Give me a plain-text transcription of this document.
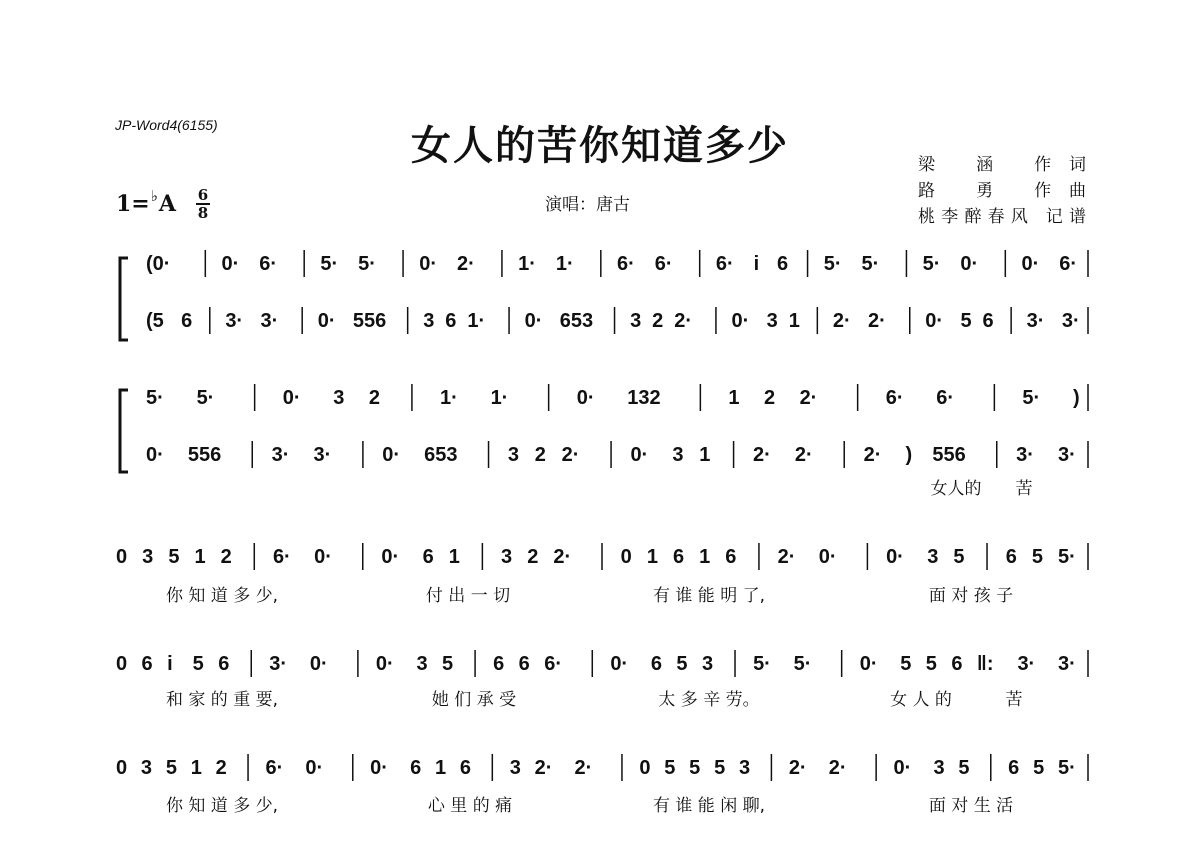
JP-Word4(6155)	女人的苦你知道多少
演唱：唐古
梁 涵 作词
路 勇 作曲
桃李醉春风 记谱
1=♭A 6
8
(0·	0· 6· 5· 5· 0· 2· 1· 1· 6· 6· 6· i 6 5· 5· 5· 0· 0· 6·
(5 6 3· 3· 0· 556 3 6 1· 0· 653 3 2 2· 0· 3 1 2· 2· 0· 5 6 3· 3·
5· 5·	0· 3 2	1· 1·	0· 132	1 2 2·	6· 6·	5· )
0· 556	3· 3·	0· 653	3 2 2·	0· 3 1 2· 2·	2· ) 556	3· 3·
女人的 苦
0 3 5 1 2 6· 0· 0· 6 1 3 2 2· 0 1 6 1 6 2· 0· 0· 3 5 6 5 5·
你 知 道 多 少,	付 出 一 切	有 谁 能 明 了,	面 对 孩 子
0 6 i 5 6 3· 0· 0· 3 5 6 6 6· 0· 6 5 3 5· 5· 0· 5 5 6 ‖: 3· 3·
和 家 的 重 要,	她 们 承 受	太 多 辛 劳。	女 人 的	苦
0 3 5 1 2 6· 0· 0· 6 1 6 3 2· 2· 0 5 5 5 3 2· 2· 0· 3 5 6 5 5·
你 知 道 多 少,	心 里 的 痛	有 谁 能 闲 聊,	面 对 生 活
